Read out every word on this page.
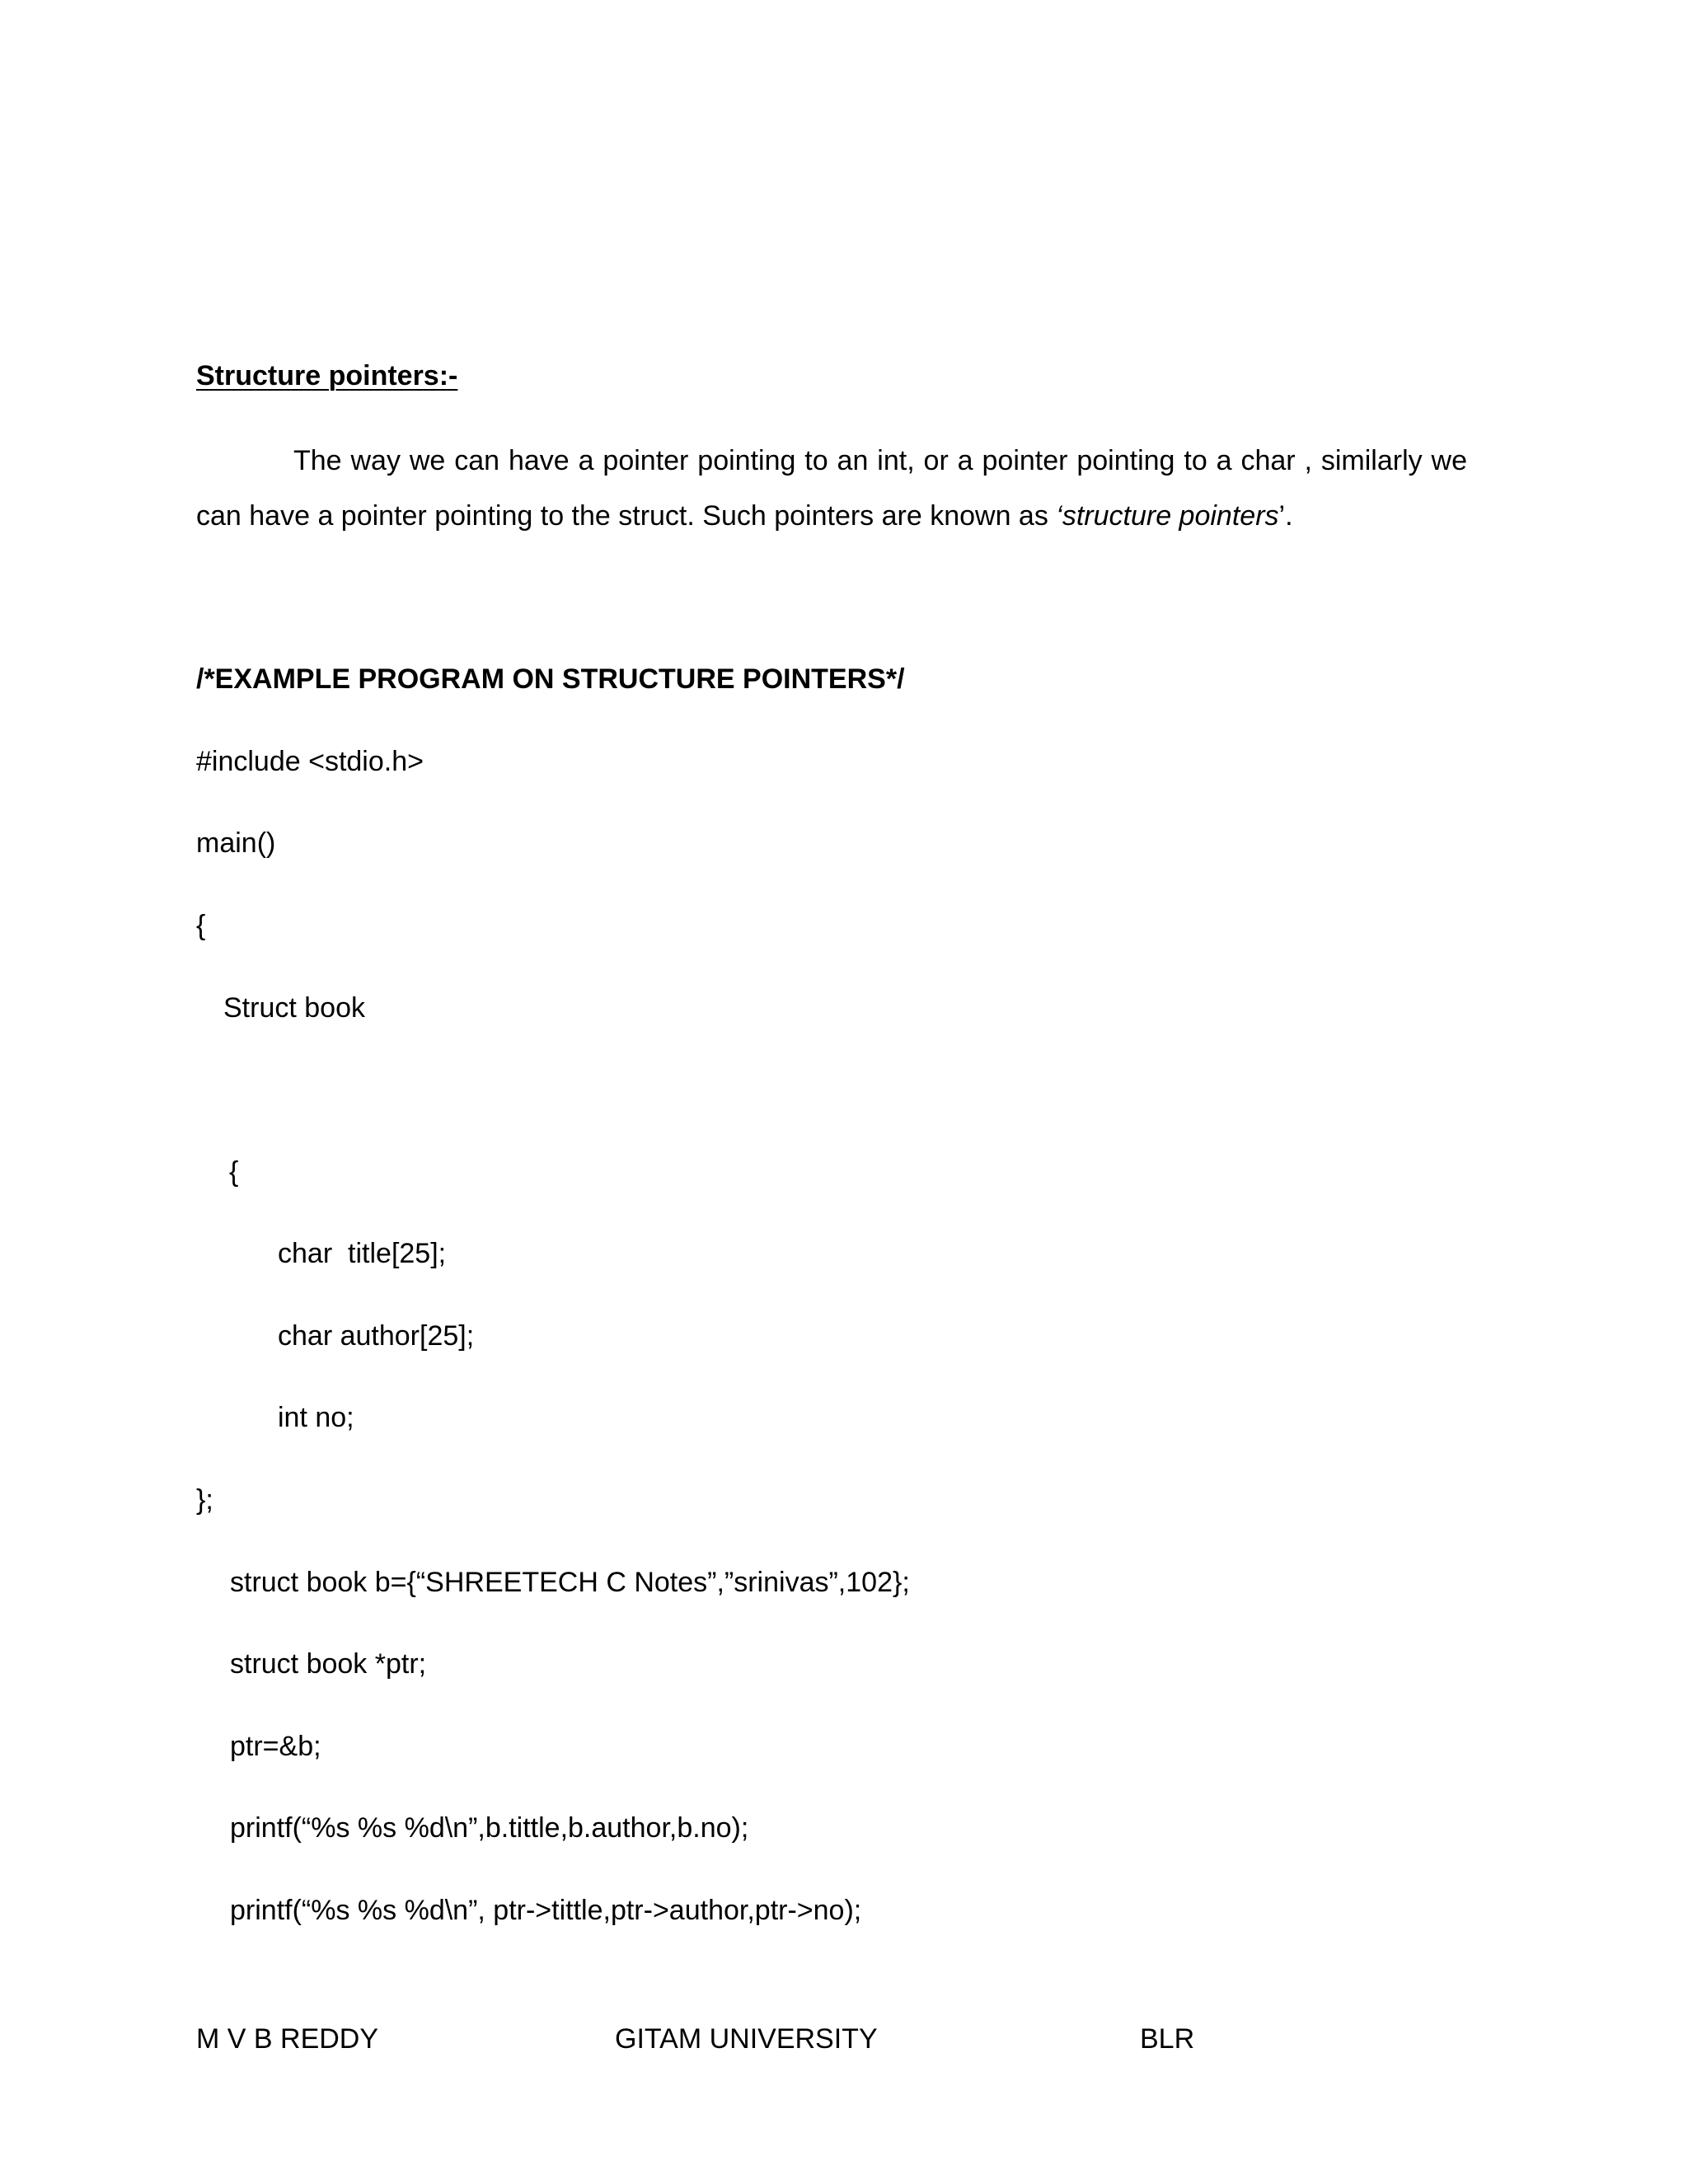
Structure pointers:-
The way we can have a pointer pointing to an int, or a pointer pointing to a char , similarly we
can have a pointer pointing to the struct. Such pointers are known as ‘structure pointers’.
/*EXAMPLE PROGRAM ON STRUCTURE POINTERS*/
#include <stdio.h>
main()
{
Struct book
{
char  title[25];
char author[25];
int no;
};
struct book b={“SHREETECH C Notes”,”srinivas”,102};
struct book *ptr;
ptr=&b;
printf(“%s %s %d\n”,b.tittle,b.author,b.no);
printf(“%s %s %d\n”, ptr->tittle,ptr->author,ptr->no);
M V B REDDY	GITAM UNIVERSITY	BLR
